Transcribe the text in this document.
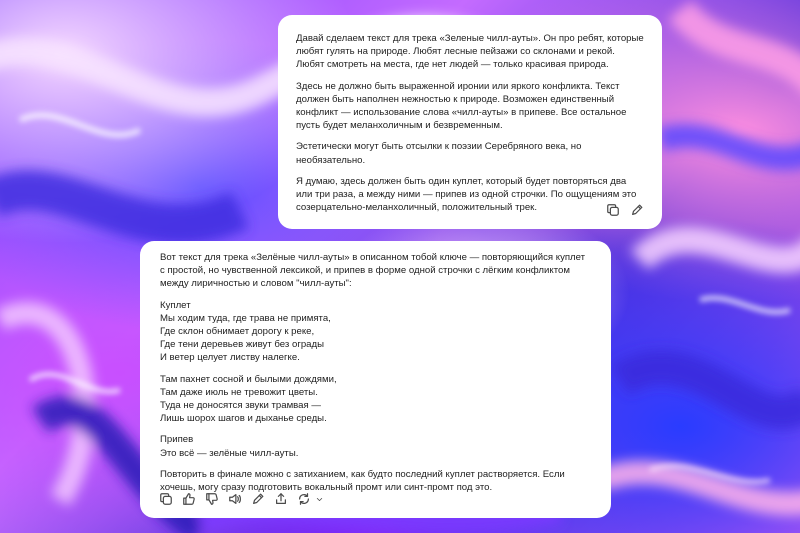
Давай сделаем текст для трека «Зеленые чилл-ауты». Он про ребят, которые любят гулять на природе. Любят лесные пейзажи со склонами и рекой. Любят смотреть на места, где нет людей — только красивая природа.

Здесь не должно быть выраженной иронии или яркого конфликта. Текст должен быть наполнен нежностью к природе. Возможен единственный конфликт — использование слова «чилл-ауты» в припеве. Все остальное пусть будет меланхоличным и безвременным.

Эстетически могут быть отсылки к поэзии Серебряного века, но необязательно.

Я думаю, здесь должен быть один куплет, который будет повторяться два или три раза, а между ними — припев из одной строчки. По ощущениям это созерцательно-меланхоличный, положительный трек.

Вот текст для трека «Зелёные чилл-ауты» в описанном тобой ключе — повторяющийся куплет с простой, но чувственной лексикой, и припев в форме одной строчки с лёгким конфликтом между лиричностью и словом "чилл-ауты":

Куплет
Мы ходим туда, где трава не примята,
Где склон обнимает дорогу к реке,
Где тени деревьев живут без ограды
И ветер целует листву налегке.
Там пахнет сосной и былыми дождями,
Там даже июль не тревожит цветы.
Туда не доносятся звуки трамвая —
Лишь шорох шагов и дыханье среды.
Припев
Это всё — зелёные чилл-ауты.

Повторить в финале можно с затиханием, как будто последний куплет растворяется. Если хочешь, могу сразу подготовить вокальный промт или синт-промт под это.
